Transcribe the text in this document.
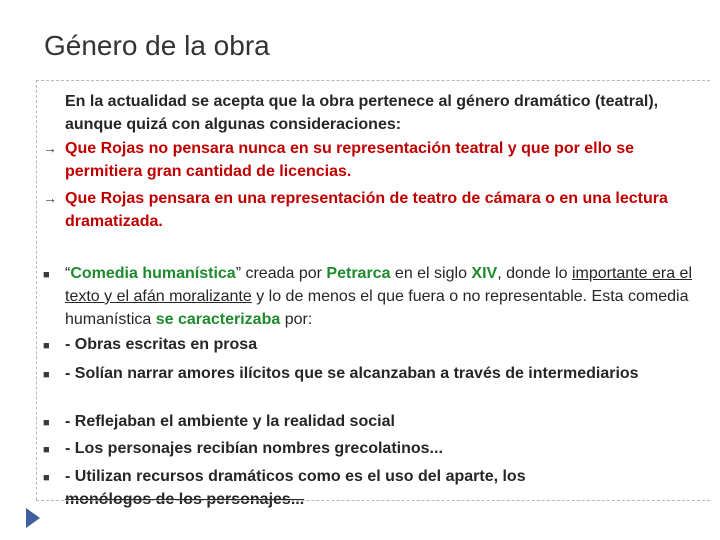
Género de la obra
En la actualidad se acepta que la obra pertenece al género dramático (teatral), aunque quizá con algunas consideraciones:
→ Que Rojas no pensara nunca en su representación teatral y que por ello se permitiera gran cantidad de licencias.
→ Que Rojas pensara en una representación de teatro de cámara o en una lectura dramatizada.
■ “Comedia humanística” creada por Petrarca en el siglo XIV, donde lo importante era el texto y el afán moralizante y lo de menos el que fuera o no representable. Esta comedia humanística se caracterizaba por:
■ - Obras escritas en prosa
■ - Solían narrar amores ilícitos que se alcanzaban a través de intermediarios
■ - Reflejaban el ambiente y la realidad social
■ - Los personajes recibían nombres grecolatinos...
■ - Utilizan recursos dramáticos como es el uso del aparte, los
monólogos de los personajes...
